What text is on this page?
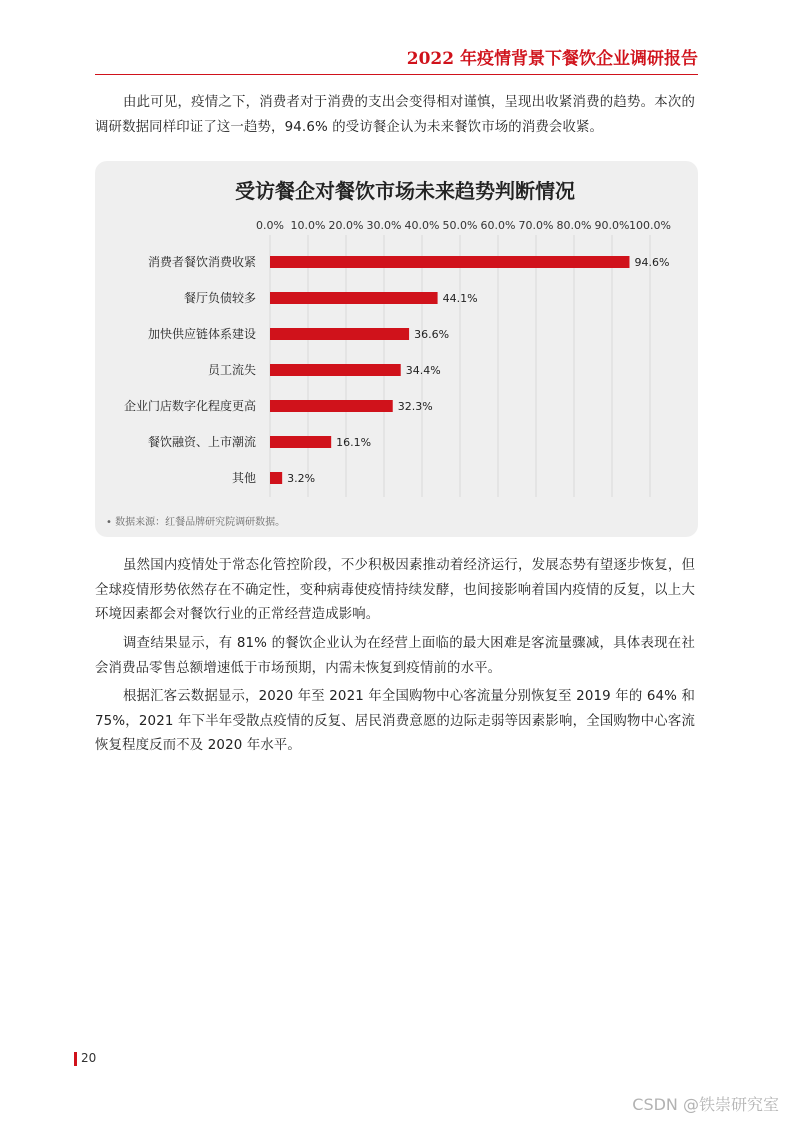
2022 年疫情背景下餐饮企业调研报告

由此可见，疫情之下，消费者对于消费的支出会变得相对谨慎，呈现出收紧消费的趋势。本次的调研数据同样印证了这一趋势，94.6% 的受访餐企认为未来餐饮市场的消费会收紧。

受访餐企对餐饮市场未来趋势判断情况
0.0% 10.0% 20.0% 30.0% 40.0% 50.0% 60.0% 70.0% 80.0% 90.0% 100.0%
消费者餐饮消费收紧	94.6%
餐厅负债较多	44.1%
加快供应链体系建设	36.6%
员工流失	34.4%
企业门店数字化程度更高	32.3%
餐饮融资、上市潮流	16.1%
其他	3.2%
• 数据来源：红餐品牌研究院调研数据。

虽然国内疫情处于常态化管控阶段，不少积极因素推动着经济运行，发展态势有望逐步恢复，但全球疫情形势依然存在不确定性，变种病毒使疫情持续发酵，也间接影响着国内疫情的反复，以上大环境因素都会对餐饮行业的正常经营造成影响。

调查结果显示，有 81% 的餐饮企业认为在经营上面临的最大困难是客流量骤减，具体表现在社会消费品零售总额增速低于市场预期，内需未恢复到疫情前的水平。

根据汇客云数据显示，2020 年至 2021 年全国购物中心客流量分别恢复至 2019 年的 64% 和 75%，2021 年下半年受散点疫情的反复、居民消费意愿的边际走弱等因素影响，全国购物中心客流恢复程度反而不及 2020 年水平。

20
CSDN @铁崇研究室
